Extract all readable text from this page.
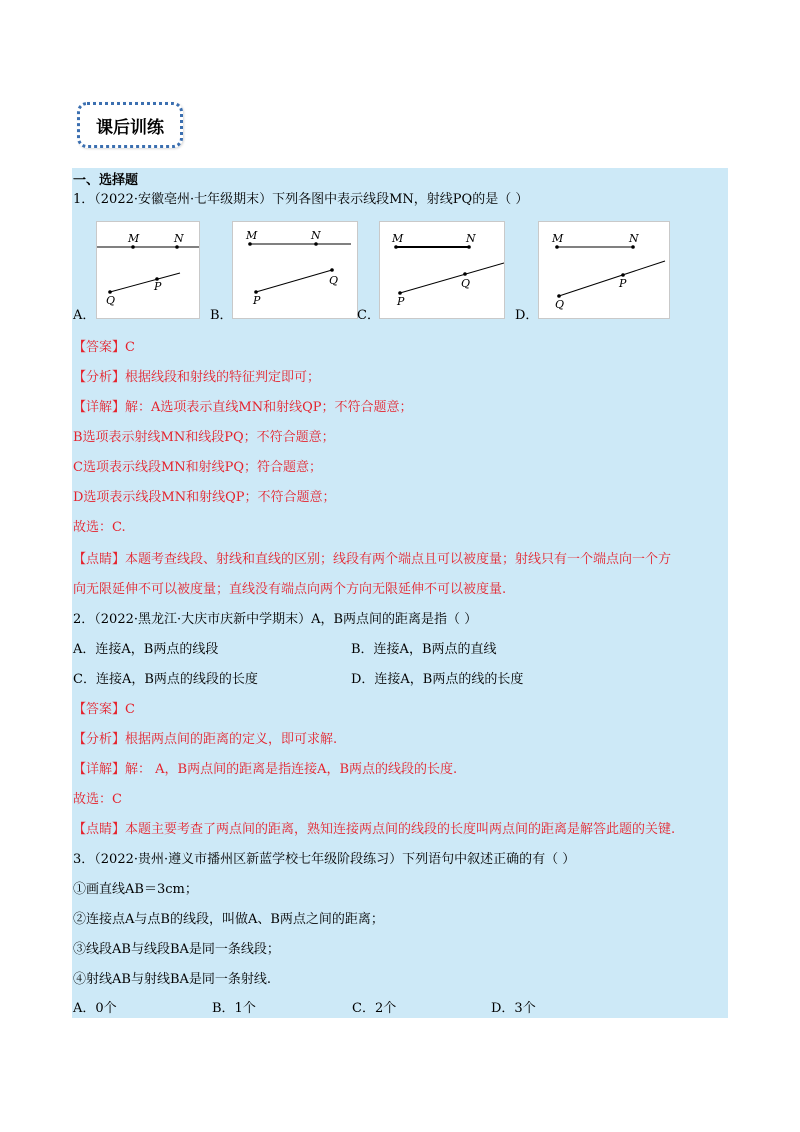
课后训练
一、选择题
1．（2022·安徽亳州·七年级期末）下列各图中表示线段MN，射线PQ的是（ ）
M	N
Q
P
A．
M	N
P
Q
B．
M	N
P
Q
C．
M	N
Q
P
D．
【答案】C
【分析】根据线段和射线的特征判定即可；
【详解】解：A选项表示直线MN和射线QP；不符合题意；
B选项表示射线MN和线段PQ；不符合题意；
C选项表示线段MN和射线PQ；符合题意；
D选项表示线段MN和射线QP；不符合题意；
故选：C.
【点睛】本题考查线段、射线和直线的区别；线段有两个端点且可以被度量；射线只有一个端点向一个方
向无限延伸不可以被度量；直线没有端点向两个方向无限延伸不可以被度量.
2．（2022·黑龙江·大庆市庆新中学期末）A，B两点间的距离是指（ ）
A．连接A，B两点的线段	B．连接A，B两点的直线
C．连接A，B两点的线段的长度	D．连接A，B两点的线的长度
【答案】C
【分析】根据两点间的距离的定义，即可求解.
【详解】解： A，B两点间的距离是指连接A，B两点的线段的长度.
故选：C
【点睛】本题主要考查了两点间的距离，熟知连接两点间的线段的长度叫两点间的距离是解答此题的关键.
3．（2022·贵州·遵义市播州区新蓝学校七年级阶段练习）下列语句中叙述正确的有（ ）
①画直线AB＝3cm；
②连接点A与点B的线段，叫做A、B两点之间的距离；
③线段AB与线段BA是同一条线段；
④射线AB与射线BA是同一条射线.
A．0个	B．1个	C．2个	D．3个
